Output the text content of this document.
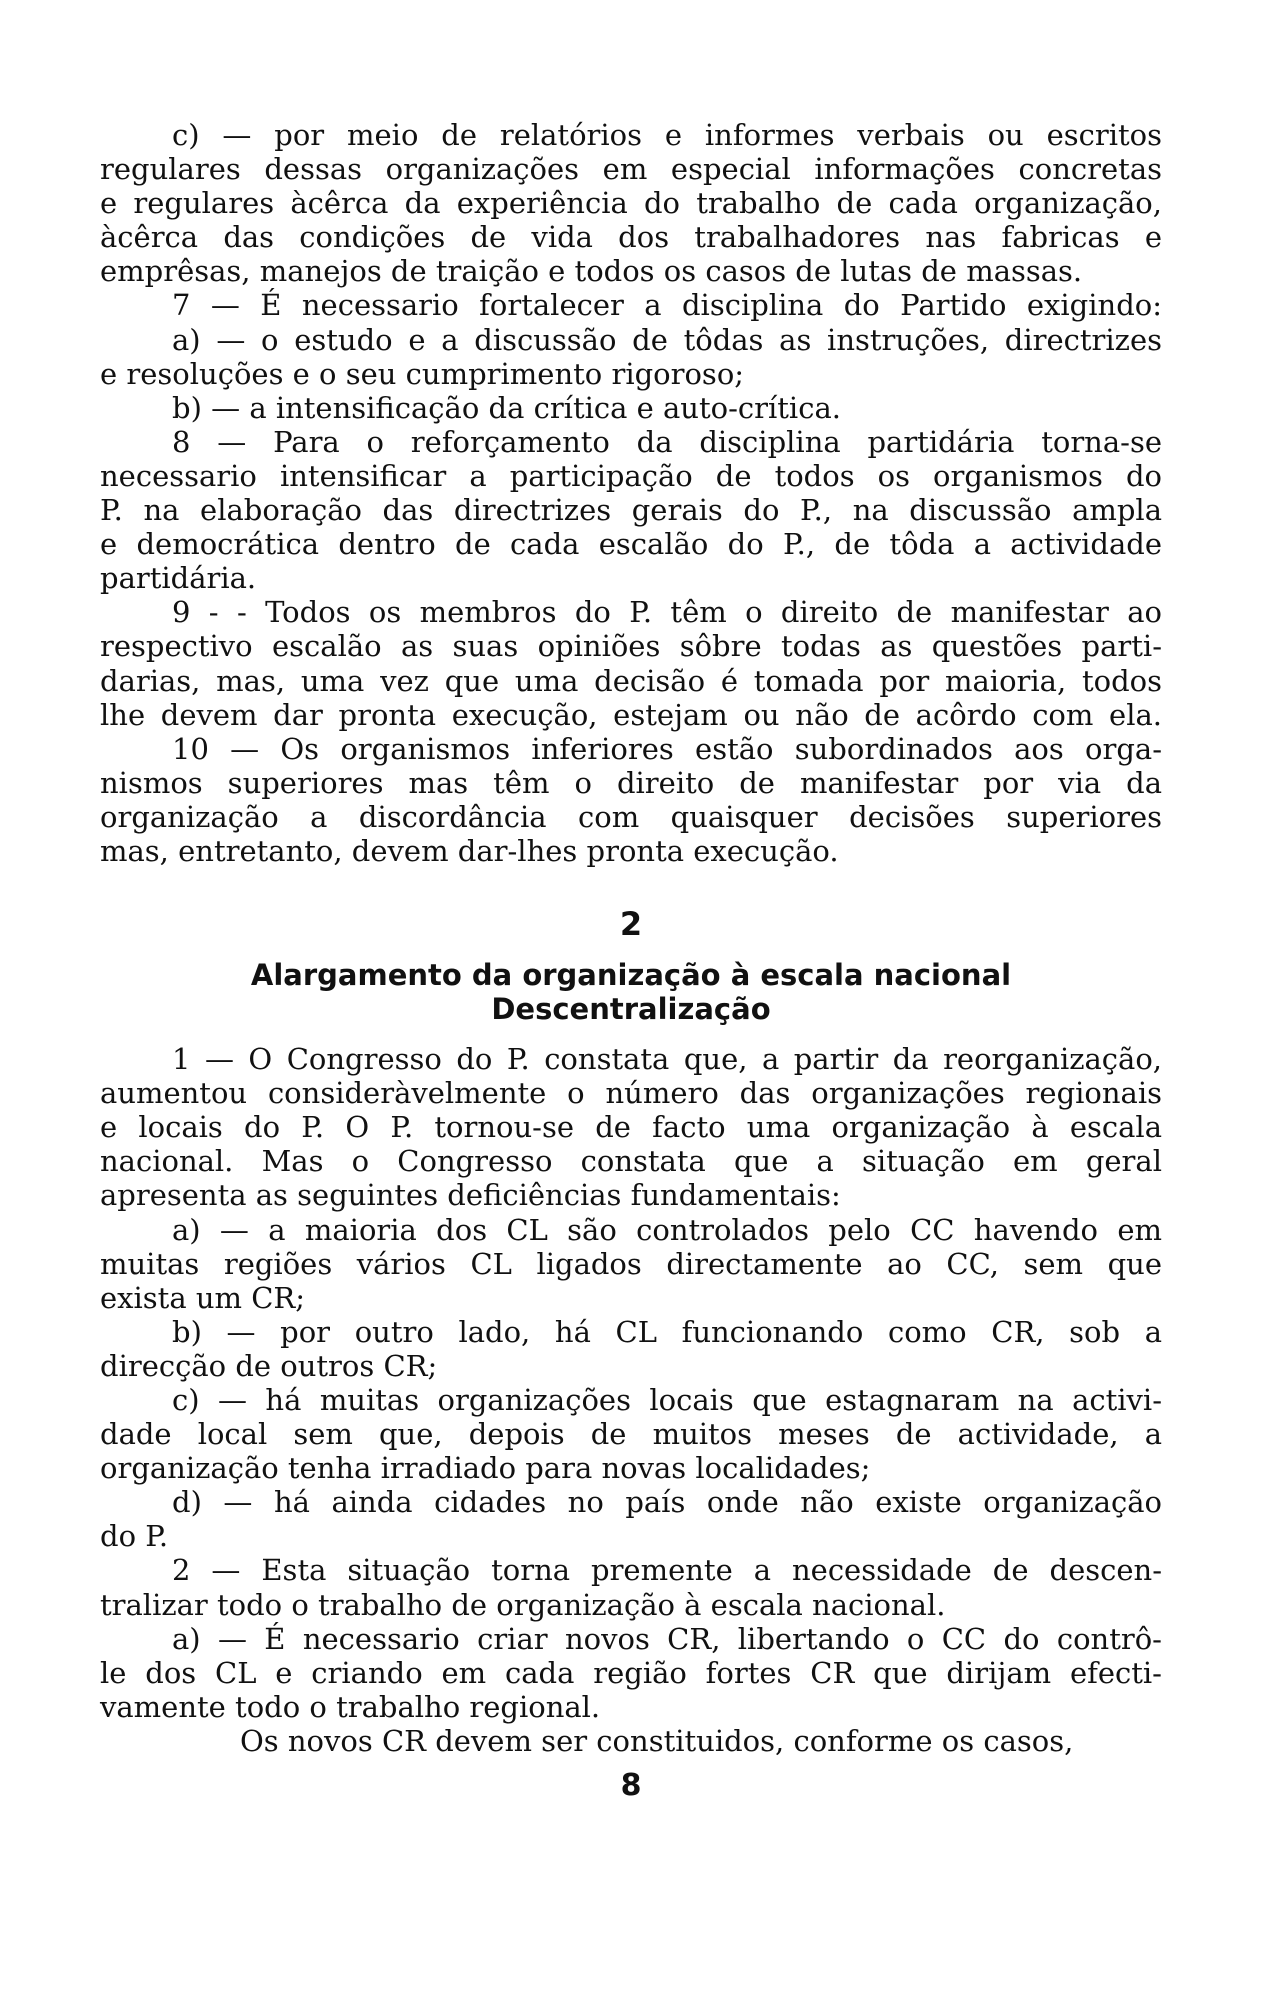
c) — por meio de relatórios e informes verbais ou escritos
regulares dessas organizações em especial informações concretas
e regulares àcêrca da experiência do trabalho de cada organização,
àcêrca das condições de vida dos trabalhadores nas fabricas e
emprêsas, manejos de traição e todos os casos de lutas de massas.
7 — É necessario fortalecer a disciplina do Partido exigindo:
a) — o estudo e a discussão de tôdas as instruções, directrizes
e resoluções e o seu cumprimento rigoroso;
b) — a intensificação da crítica e auto-crítica.
8 — Para o reforçamento da disciplina partidária torna-se
necessario intensificar a participação de todos os organismos do
P. na elaboração das directrizes gerais do P., na discussão ampla
e democrática dentro de cada escalão do P., de tôda a actividade
partidária.
9 - - Todos os membros do P. têm o direito de manifestar ao
respectivo escalão as suas opiniões sôbre todas as questões parti-
darias, mas, uma vez que uma decisão é tomada por maioria, todos
lhe devem dar pronta execução, estejam ou não de acôrdo com ela.
10 — Os organismos inferiores estão subordinados aos orga-
nismos superiores mas têm o direito de manifestar por via da
organização a discordância com quaisquer decisões superiores
mas, entretanto, devem dar-lhes pronta execução.
2
Alargamento da organização à escala nacional
Descentralização
1 — O Congresso do P. constata que, a partir da reorganização,
aumentou consideràvelmente o número das organizações regionais
e locais do P. O P. tornou-se de facto uma organização à escala
nacional. Mas o Congresso constata que a situação em geral
apresenta as seguintes deficiências fundamentais:
a) — a maioria dos CL são controlados pelo CC havendo em
muitas regiões vários CL ligados directamente ao CC, sem que
exista um CR;
b) — por outro lado, há CL funcionando como CR, sob a
direcção de outros CR;
c) — há muitas organizações locais que estagnaram na activi-
dade local sem que, depois de muitos meses de actividade, a
organização tenha irradiado para novas localidades;
d) — há ainda cidades no país onde não existe organização
do P.
2 — Esta situação torna premente a necessidade de descen-
tralizar todo o trabalho de organização à escala nacional.
a) — É necessario criar novos CR, libertando o CC do contrô-
le dos CL e criando em cada região fortes CR que dirijam efecti-
vamente todo o trabalho regional.
Os novos CR devem ser constituidos, conforme os casos,
8
